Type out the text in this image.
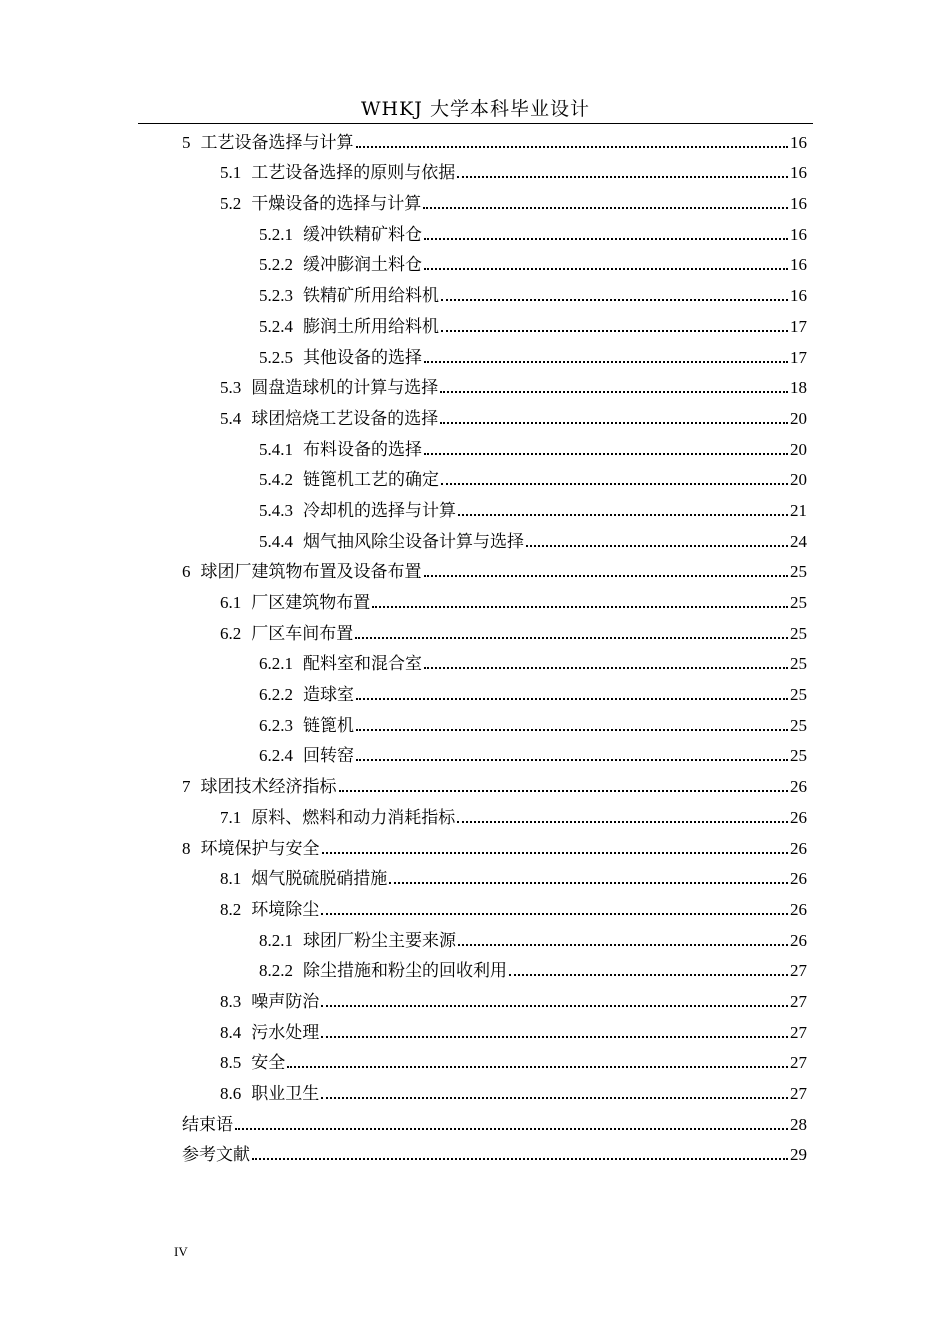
WHKJ 大学本科毕业设计
5 工艺设备选择与计算	16
5.1 工艺设备选择的原则与依据	16
5.2 干燥设备的选择与计算	16
5.2.1 缓冲铁精矿料仓	16
5.2.2 缓冲膨润土料仓	16
5.2.3 铁精矿所用给料机	16
5.2.4 膨润土所用给料机	17
5.2.5 其他设备的选择	17
5.3 圆盘造球机的计算与选择	18
5.4 球团焙烧工艺设备的选择	20
5.4.1 布料设备的选择	20
5.4.2 链篦机工艺的确定	20
5.4.3 冷却机的选择与计算	21
5.4.4 烟气抽风除尘设备计算与选择	24
6 球团厂建筑物布置及设备布置	25
6.1 厂区建筑物布置	25
6.2 厂区车间布置	25
6.2.1 配料室和混合室	25
6.2.2 造球室	25
6.2.3 链篦机	25
6.2.4 回转窑	25
7 球团技术经济指标	26
7.1 原料、燃料和动力消耗指标	26
8 环境保护与安全	26
8.1 烟气脱硫脱硝措施	26
8.2 环境除尘	26
8.2.1 球团厂粉尘主要来源	26
8.2.2 除尘措施和粉尘的回收利用	27
8.3 噪声防治	27
8.4 污水处理	27
8.5 安全	27
8.6 职业卫生	27
结束语	28
参考文献	29
IV
